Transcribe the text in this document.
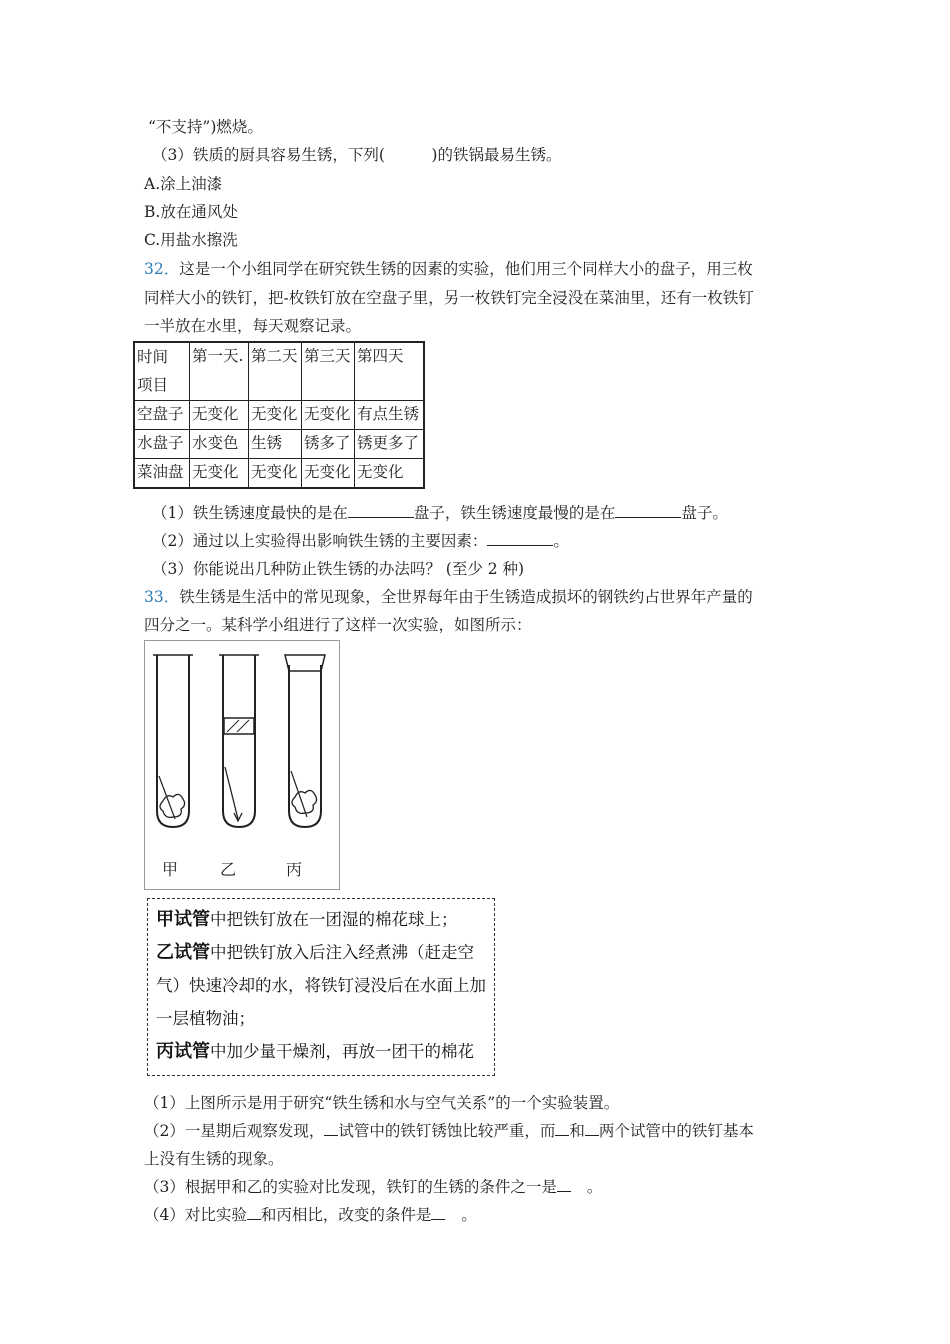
“不支持”)燃烧。
（3）铁质的厨具容易生锈，下列(　　　)的铁锅最易生锈。
A.涂上油漆
B.放在通风处
C.用盐水擦洗
32．这是一个小组同学在研究铁生锈的因素的实验，他们用三个同样大小的盘子，用三枚
同样大小的铁钉，把-枚铁钉放在空盘子里，另一枚铁钉完全浸没在菜油里，还有一枚铁钉
一半放在水里，每天观察记录。
时间
项目	第一天.	第二天	第三天	第四天
空盘子	无变化	无变化	无变化	有点生锈
水盘子	水变色	生锈	锈多了	锈更多了
菜油盘	无变化	无变化	无变化	无变化
（1）铁生锈速度最快的是在	盘子，铁生锈速度最慢的是在	盘子。
（2）通过以上实验得出影响铁生锈的主要因素：	。
（3）你能说出几种防止铁生锈的办法吗？ (至少 2 种)
33．铁生锈是生活中的常见现象，全世界每年由于生锈造成损坏的钢铁约占世界年产量的
四分之一。某科学小组进行了这样一次实验，如图所示：
甲	乙	丙
甲试管中把铁钉放在一团湿的棉花球上；
乙试管中把铁钉放入后注入经煮沸（赶走空
气）快速冷却的水，将铁钉浸没后在水面上加
一层植物油；
丙试管中加少量干燥剂，再放一团干的棉花
（1）上图所示是用于研究“铁生锈和水与空气关系”的一个实验装置。
（2）一星期后观察发现， 试管中的铁钉锈蚀比较严重，而 和 两个试管中的铁钉基本
上没有生锈的现象。
（3）根据甲和乙的实验对比发现，铁钉的生锈的条件之一是 。
（4）对比实验 和丙相比，改变的条件是 。
